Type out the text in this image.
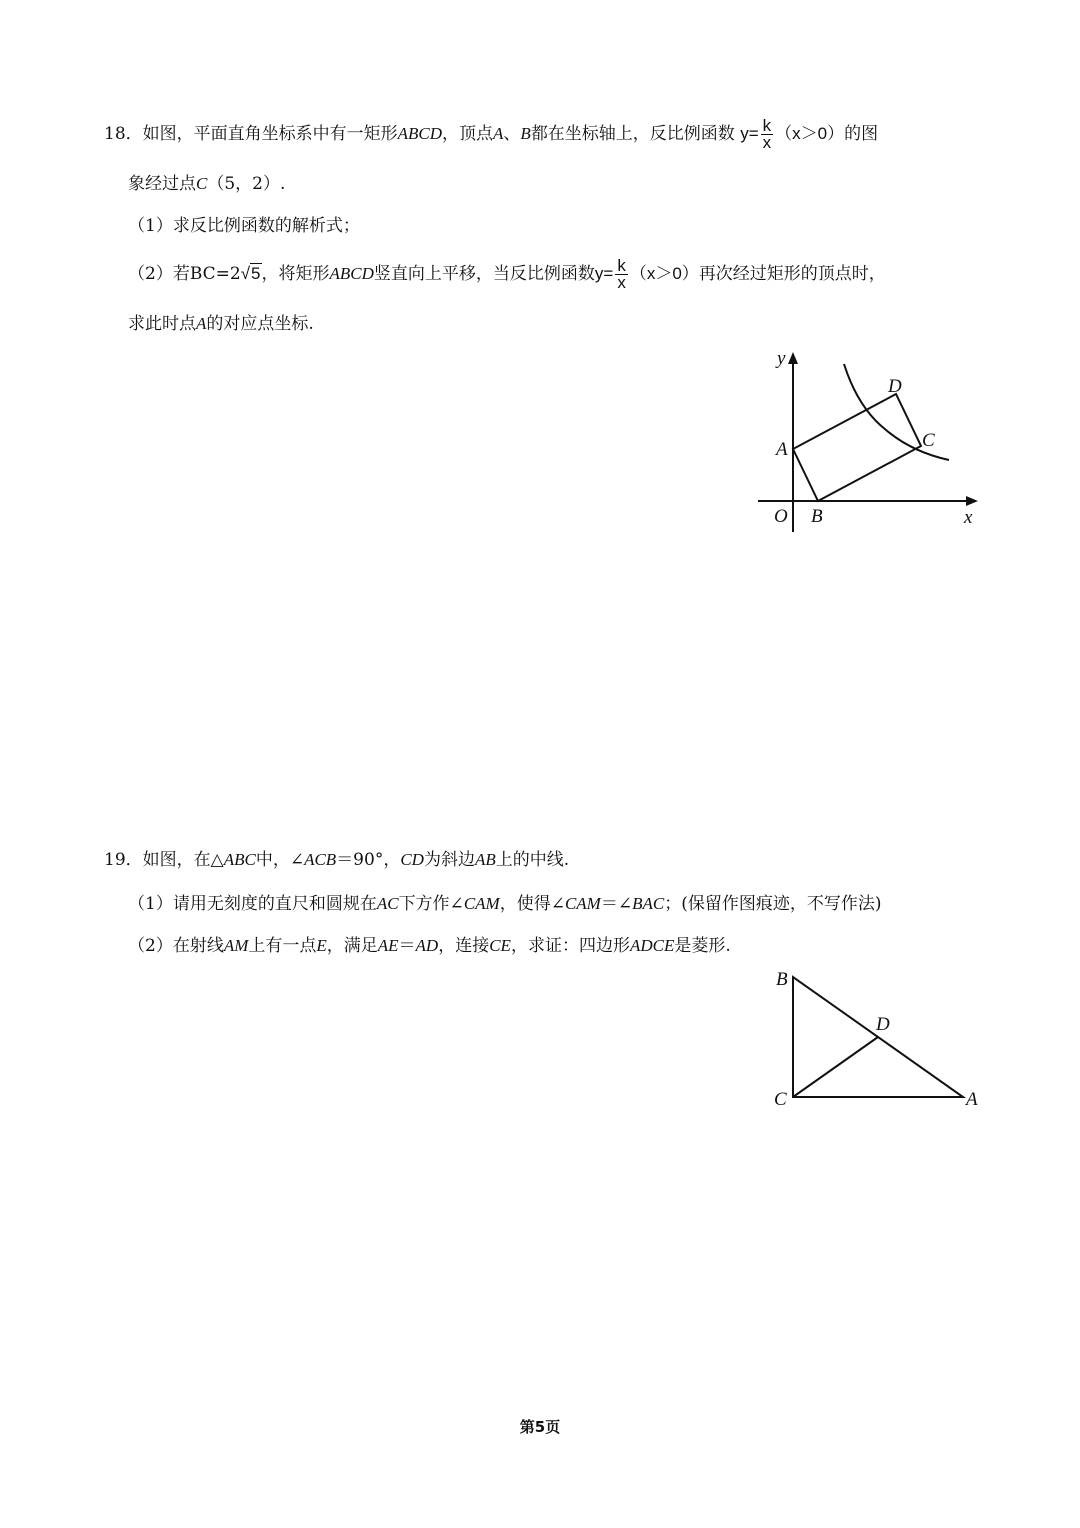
18．如图，平面直角坐标系中有一矩形ABCD，顶点A、B都在坐标轴上，反比例函数 $y= \frac{k}{x} (x>0)$的图
象经过点C（5，2）.
（1）求反比例函数的解析式；
（2）若BC=2√5，将矩形ABCD竖直向上平移，当反比例函数$y= \frac{k}{x} (x>0)$再次经过矩形的顶点时，
求此时点A的对应点坐标.
y
x
O
A
B
C
D
19．如图，在△ABC中，∠ACB＝90°，CD为斜边AB上的中线.
（1）请用无刻度的直尺和圆规在AC下方作∠CAM，使得∠CAM＝∠BAC；(保留作图痕迹，不写作法)
（2）在射线AM上有一点E，满足AE＝AD，连接CE，求证：四边形ADCE是菱形.
B
D
C	A
第5页
